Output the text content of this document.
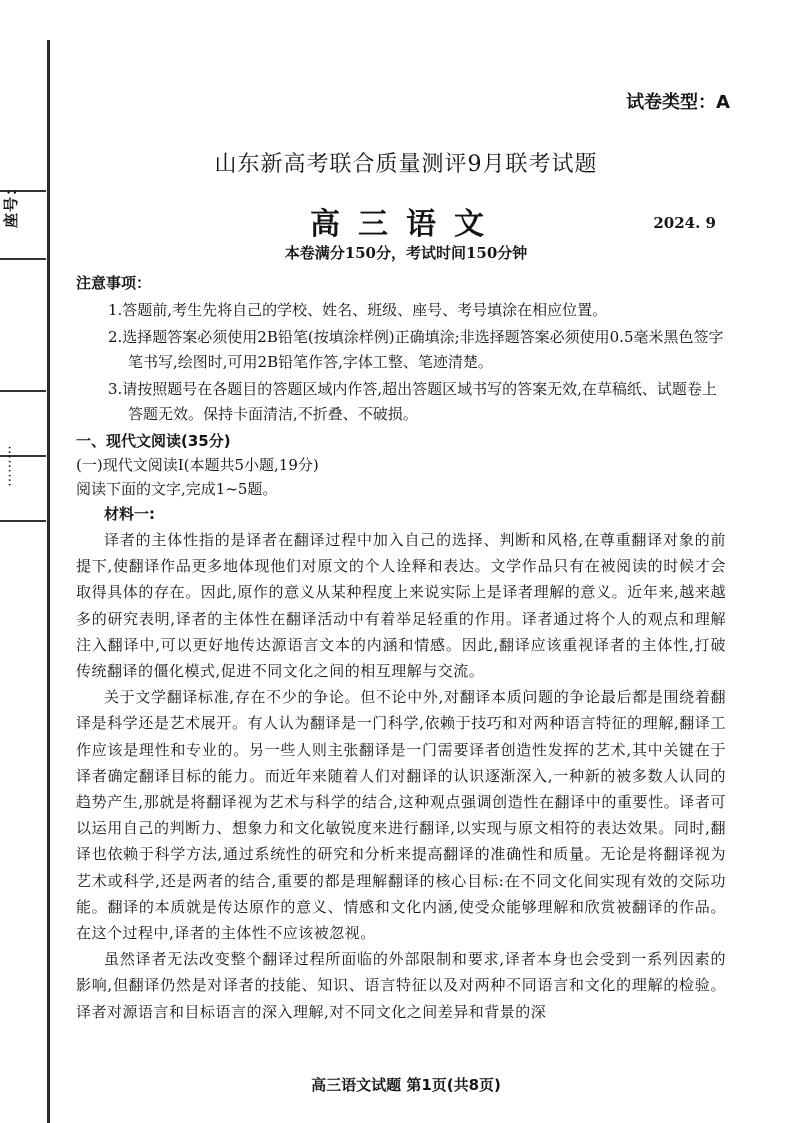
座号：
⋯⋯⋯
试卷类型：A
山东新高考联合质量测评9月联考试题
高三语文	2024. 9
本卷满分150分，考试时间150分钟
注意事项：
1.答题前,考生先将自己的学校、姓名、班级、座号、考号填涂在相应位置。
2.选择题答案必须使用2B铅笔(按填涂样例)正确填涂;非选择题答案必须使用0.5毫米黑色签字笔书写,绘图时,可用2B铅笔作答,字体工整、笔迹清楚。
3.请按照题号在各题目的答题区域内作答,超出答题区域书写的答案无效,在草稿纸、试题卷上答题无效。保持卡面清洁,不折叠、不破损。
一、现代文阅读(35分)
(一)现代文阅读Ⅰ(本题共5小题,19分)
阅读下面的文字,完成1~5题。
材料一:

译者的主体性指的是译者在翻译过程中加入自己的选择、判断和风格,在尊重翻译对象的前提下,使翻译作品更多地体现他们对原文的个人诠释和表达。文学作品只有在被阅读的时候才会取得具体的存在。因此,原作的意义从某种程度上来说实际上是译者理解的意义。近年来,越来越多的研究表明,译者的主体性在翻译活动中有着举足轻重的作用。译者通过将个人的观点和理解注入翻译中,可以更好地传达源语言文本的内涵和情感。因此,翻译应该重视译者的主体性,打破传统翻译的僵化模式,促进不同文化之间的相互理解与交流。

关于文学翻译标准,存在不少的争论。但不论中外,对翻译本质问题的争论最后都是围绕着翻译是科学还是艺术展开。有人认为翻译是一门科学,依赖于技巧和对两种语言特征的理解,翻译工作应该是理性和专业的。另一些人则主张翻译是一门需要译者创造性发挥的艺术,其中关键在于译者确定翻译目标的能力。而近年来随着人们对翻译的认识逐渐深入,一种新的被多数人认同的趋势产生,那就是将翻译视为艺术与科学的结合,这种观点强调创造性在翻译中的重要性。译者可以运用自己的判断力、想象力和文化敏锐度来进行翻译,以实现与原文相符的表达效果。同时,翻译也依赖于科学方法,通过系统性的研究和分析来提高翻译的准确性和质量。无论是将翻译视为艺术或科学,还是两者的结合,重要的都是理解翻译的核心目标:在不同文化间实现有效的交际功能。翻译的本质就是传达原作的意义、情感和文化内涵,使受众能够理解和欣赏被翻译的作品。在这个过程中,译者的主体性不应该被忽视。

虽然译者无法改变整个翻译过程所面临的外部限制和要求,译者本身也会受到一系列因素的影响,但翻译仍然是对译者的技能、知识、语言特征以及对两种不同语言和文化的理解的检验。译者对源语言和目标语言的深入理解,对不同文化之间差异和背景的深

高三语文试题 第1页(共8页)
